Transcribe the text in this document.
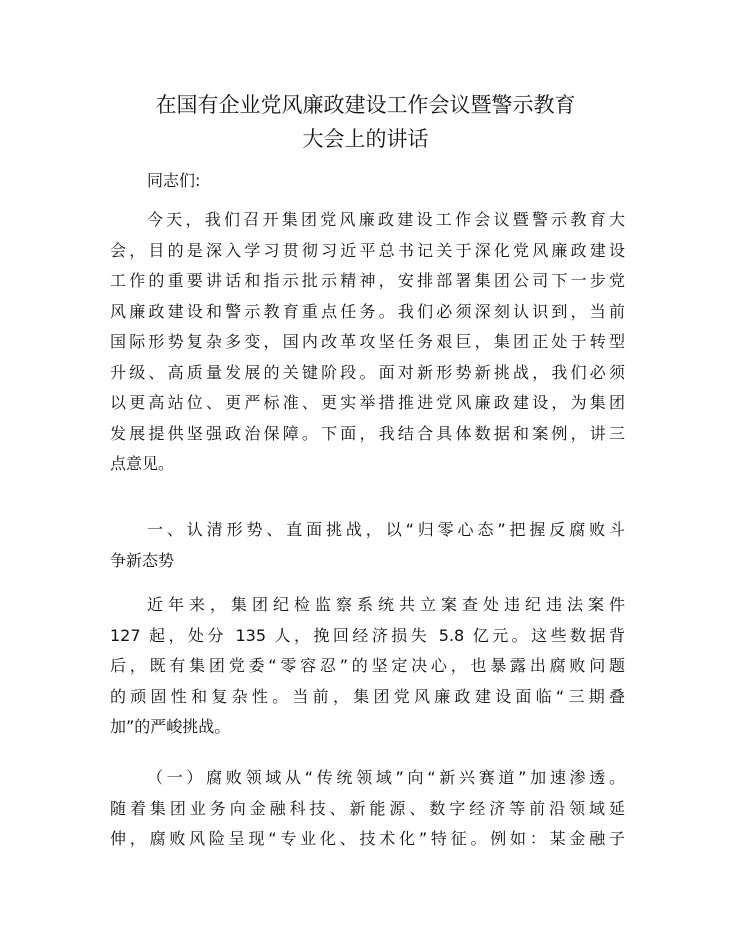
在国有企业党风廉政建设工作会议暨警示教育
大会上的讲话

同志们:

今天，我们召开集团党风廉政建设工作会议暨警示教育大
会，目的是深入学习贯彻习近平总书记关于深化党风廉政建设
工作的重要讲话和指示批示精神，安排部署集团公司下一步党
风廉政建设和警示教育重点任务。我们必须深刻认识到，当前
国际形势复杂多变，国内改革攻坚任务艰巨，集团正处于转型
升级、高质量发展的关键阶段。面对新形势新挑战，我们必须
以更高站位、更严标准、更实举措推进党风廉政建设，为集团
发展提供坚强政治保障。下面，我结合具体数据和案例，讲三
点意见。

一、认清形势、直面挑战，以“归零心态”把握反腐败斗
争新态势

近年来，集团纪检监察系统共立案查处违纪违法案件
127 起，处分 135 人，挽回经济损失 5.8 亿元。这些数据背
后，既有集团党委“零容忍”的坚定决心，也暴露出腐败问题
的顽固性和复杂性。当前，集团党风廉政建设面临“三期叠
加”的严峻挑战。

（一）腐败领域从“传统领域”向“新兴赛道”加速渗透。
随着集团业务向金融科技、新能源、数字经济等前沿领域延
伸，腐败风险呈现“专业化、技术化”特征。例如：某金融子
